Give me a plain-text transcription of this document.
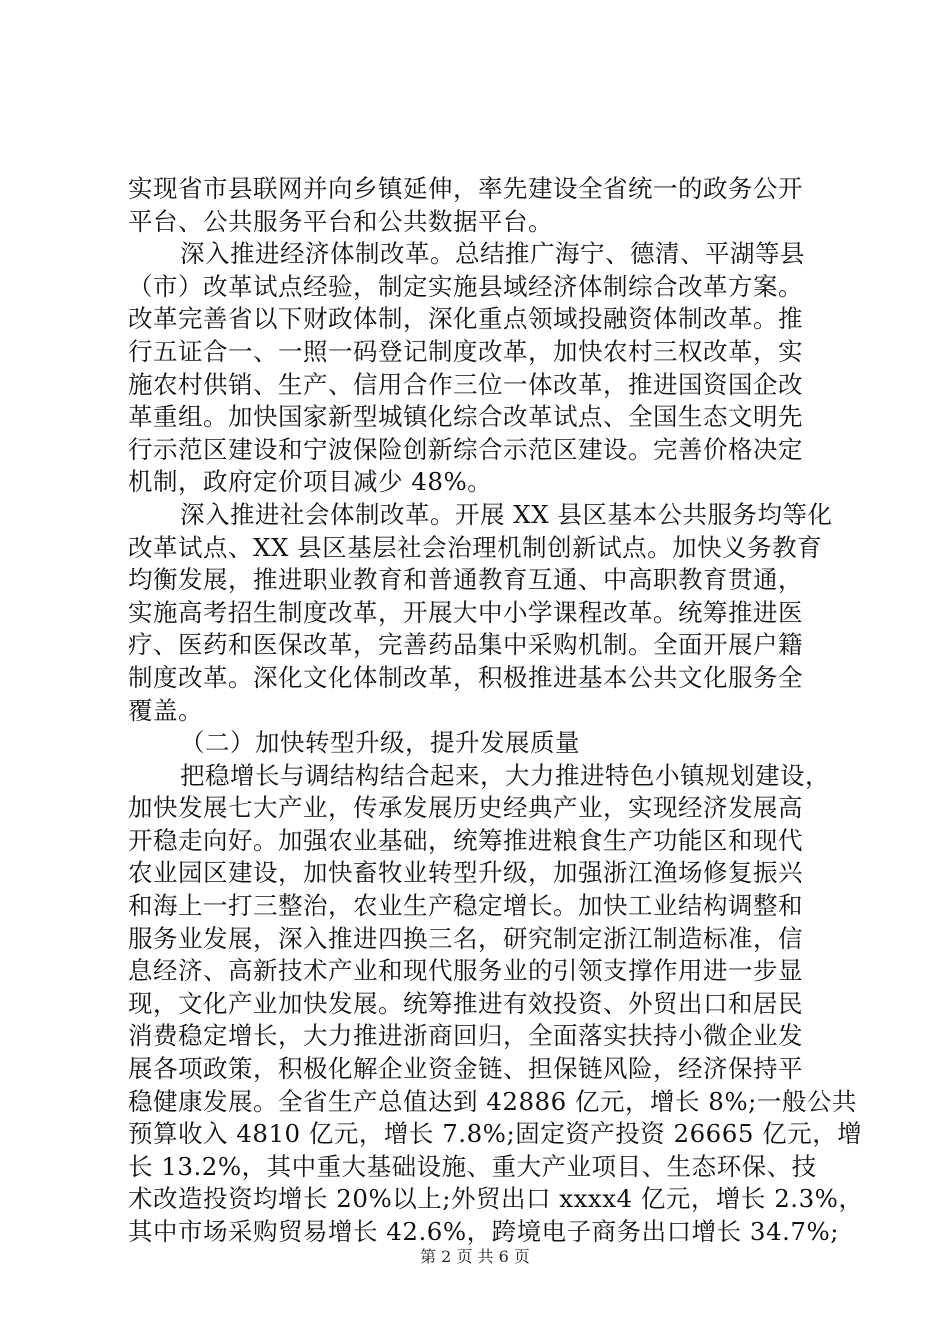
实现省市县联网并向乡镇延伸，率先建设全省统一的政务公开
平台、公共服务平台和公共数据平台。
深入推进经济体制改革。总结推广海宁、德清、平湖等县
（市）改革试点经验，制定实施县域经济体制综合改革方案。
改革完善省以下财政体制，深化重点领域投融资体制改革。推
行五证合一、一照一码登记制度改革，加快农村三权改革，实
施农村供销、生产、信用合作三位一体改革，推进国资国企改
革重组。加快国家新型城镇化综合改革试点、全国生态文明先
行示范区建设和宁波保险创新综合示范区建设。完善价格决定
机制，政府定价项目减少 48%。
深入推进社会体制改革。开展 XX 县区基本公共服务均等化
改革试点、XX 县区基层社会治理机制创新试点。加快义务教育
均衡发展，推进职业教育和普通教育互通、中高职教育贯通，
实施高考招生制度改革，开展大中小学课程改革。统筹推进医
疗、医药和医保改革，完善药品集中采购机制。全面开展户籍
制度改革。深化文化体制改革，积极推进基本公共文化服务全
覆盖。
（二）加快转型升级，提升发展质量
把稳增长与调结构结合起来，大力推进特色小镇规划建设，
加快发展七大产业，传承发展历史经典产业，实现经济发展高
开稳走向好。加强农业基础，统筹推进粮食生产功能区和现代
农业园区建设，加快畜牧业转型升级，加强浙江渔场修复振兴
和海上一打三整治，农业生产稳定增长。加快工业结构调整和
服务业发展，深入推进四换三名，研究制定浙江制造标准，信
息经济、高新技术产业和现代服务业的引领支撑作用进一步显
现，文化产业加快发展。统筹推进有效投资、外贸出口和居民
消费稳定增长，大力推进浙商回归，全面落实扶持小微企业发
展各项政策，积极化解企业资金链、担保链风险，经济保持平
稳健康发展。全省生产总值达到 42886 亿元，增长 8%;一般公共
预算收入 4810 亿元，增长 7.8%;固定资产投资 26665 亿元，增
长 13.2%，其中重大基础设施、重大产业项目、生态环保、技
术改造投资均增长 20%以上;外贸出口 xxxx4 亿元，增长 2.3%，
其中市场采购贸易增长 42.6%，跨境电子商务出口增长 34.7%;
第 2 页 共 6 页
